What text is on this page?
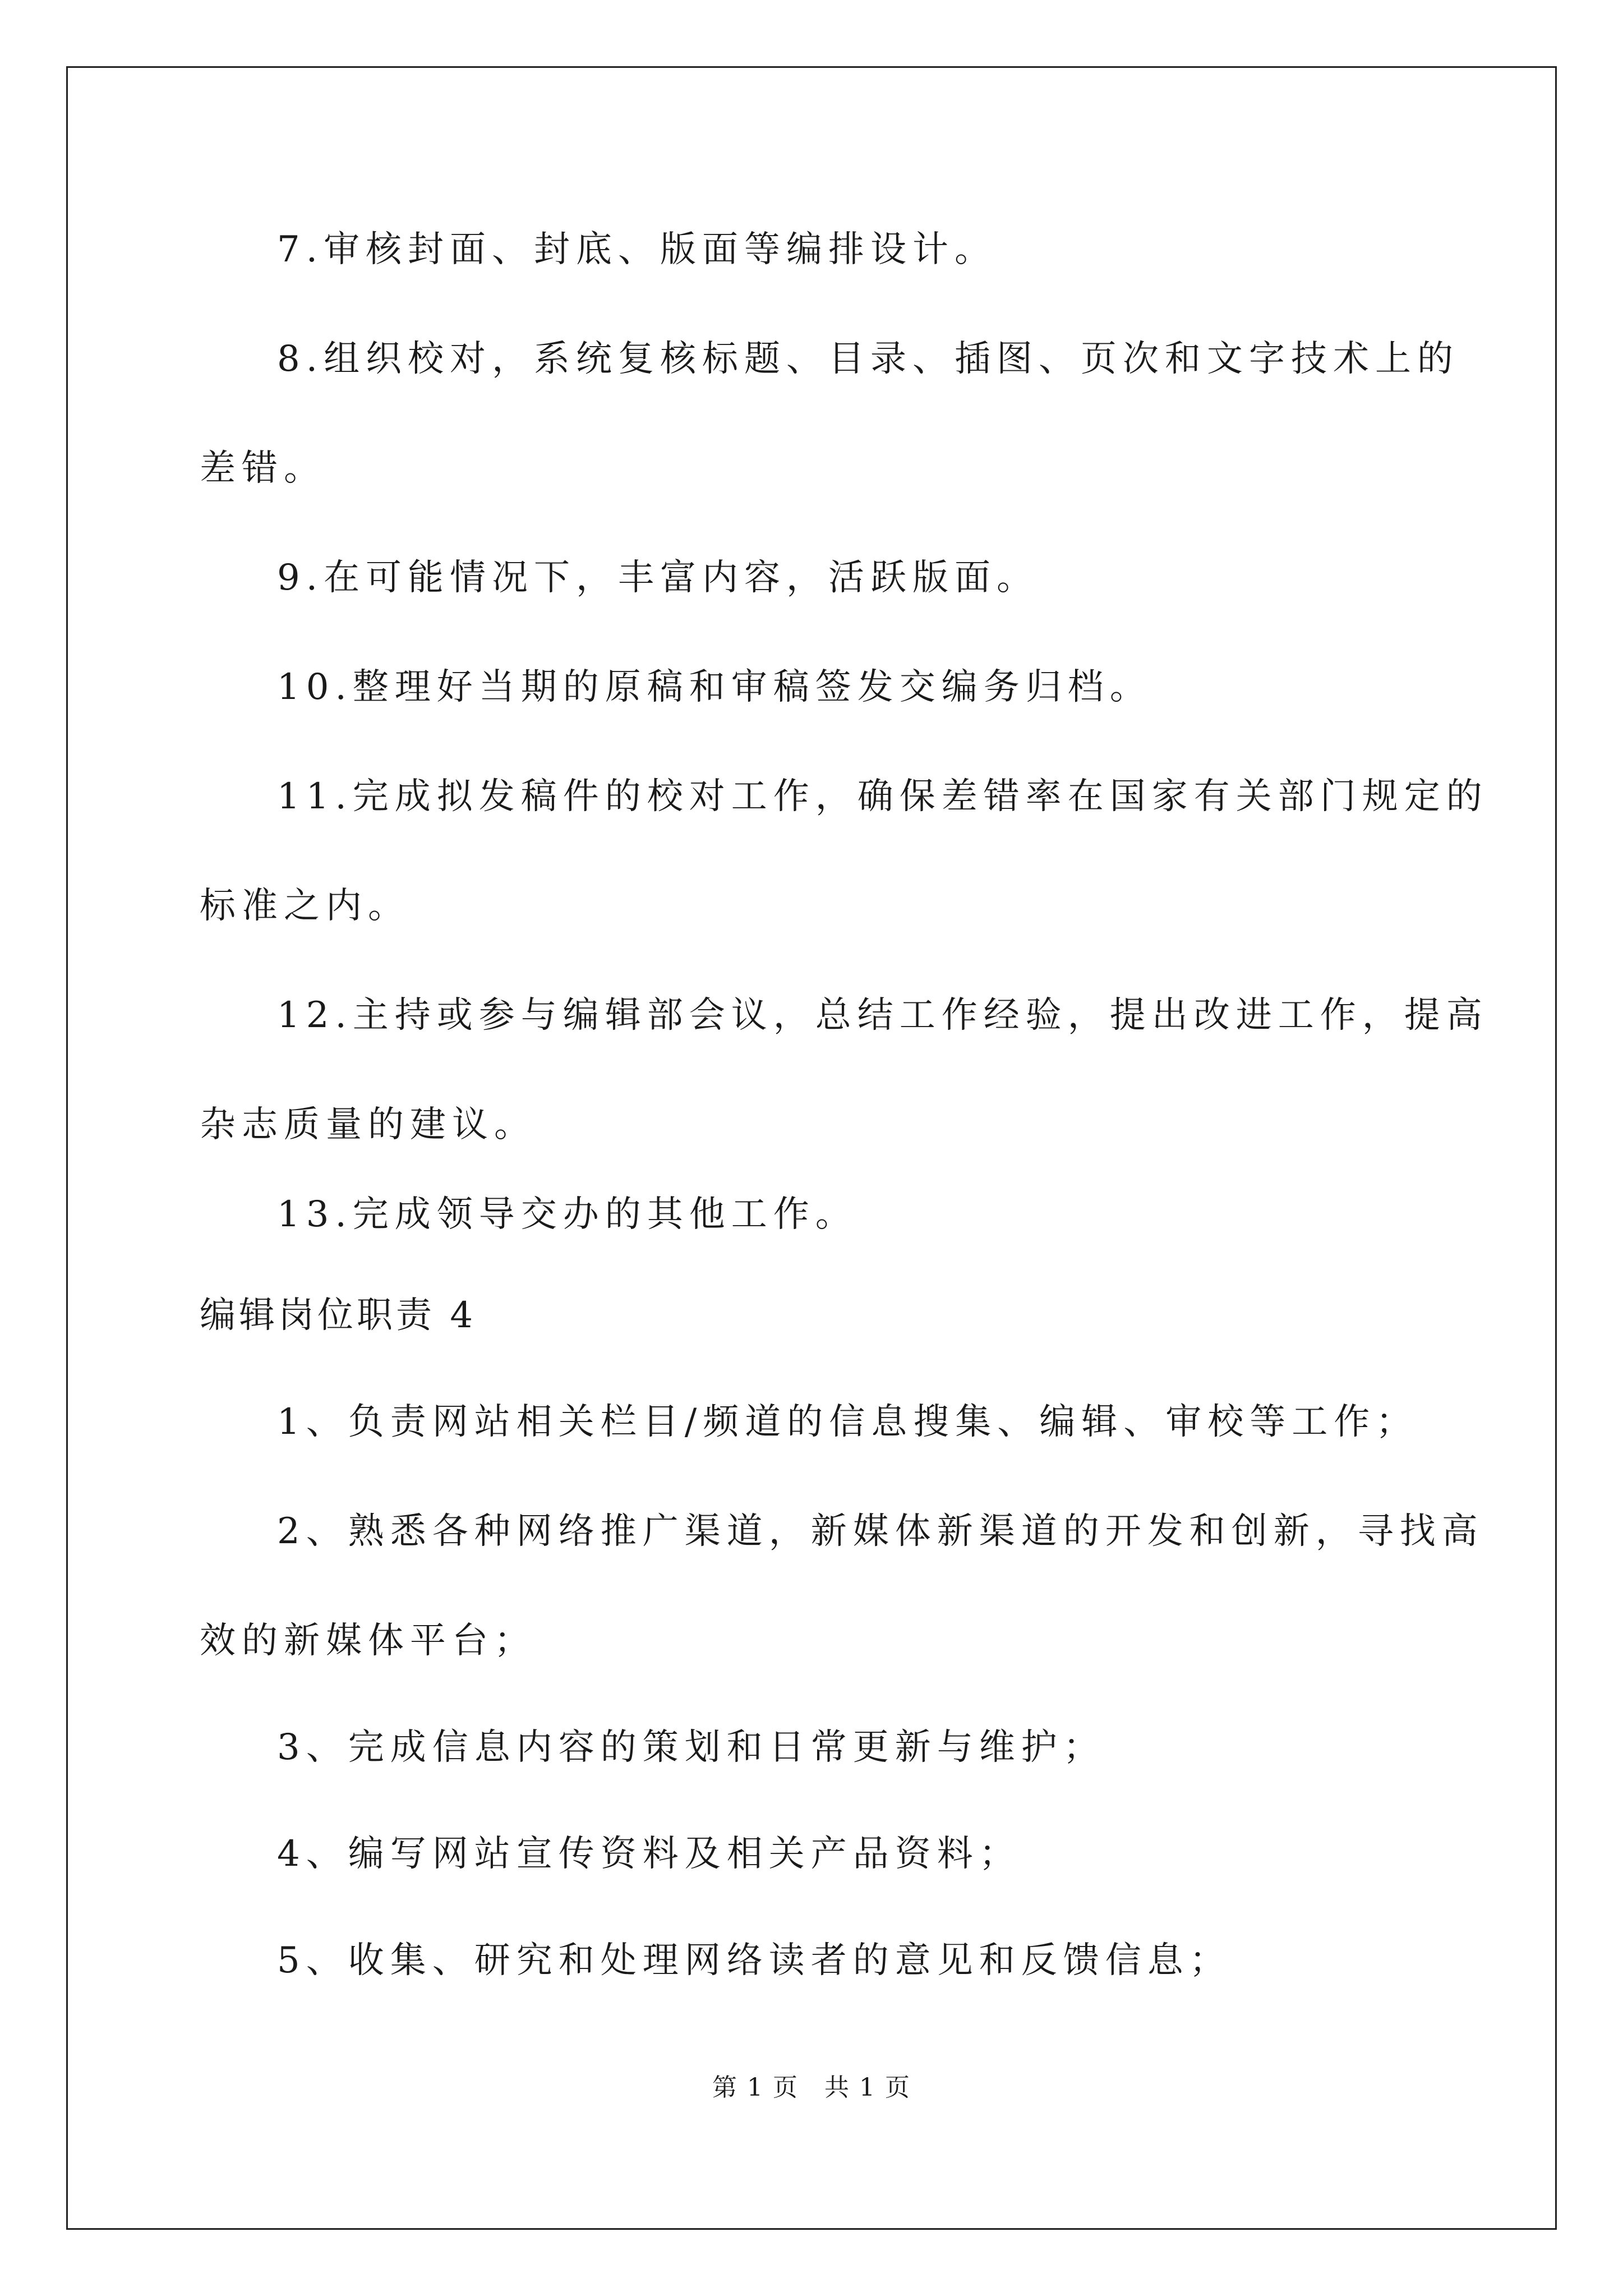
7.审核封面、封底、版面等编排设计。

8.组织校对，系统复核标题、目录、插图、页次和文字技术上的

差错。

9.在可能情况下，丰富内容，活跃版面。

10.整理好当期的原稿和审稿签发交编务归档。

11.完成拟发稿件的校对工作，确保差错率在国家有关部门规定的

标准之内。

12.主持或参与编辑部会议，总结工作经验，提出改进工作，提高

杂志质量的建议。

13.完成领导交办的其他工作。

编辑岗位职责 4

1、负责网站相关栏目/频道的信息搜集、编辑、审校等工作；

2、熟悉各种网络推广渠道，新媒体新渠道的开发和创新，寻找高

效的新媒体平台；

3、完成信息内容的策划和日常更新与维护；

4、编写网站宣传资料及相关产品资料；

5、收集、研究和处理网络读者的意见和反馈信息；

第 1 页　共 1 页
